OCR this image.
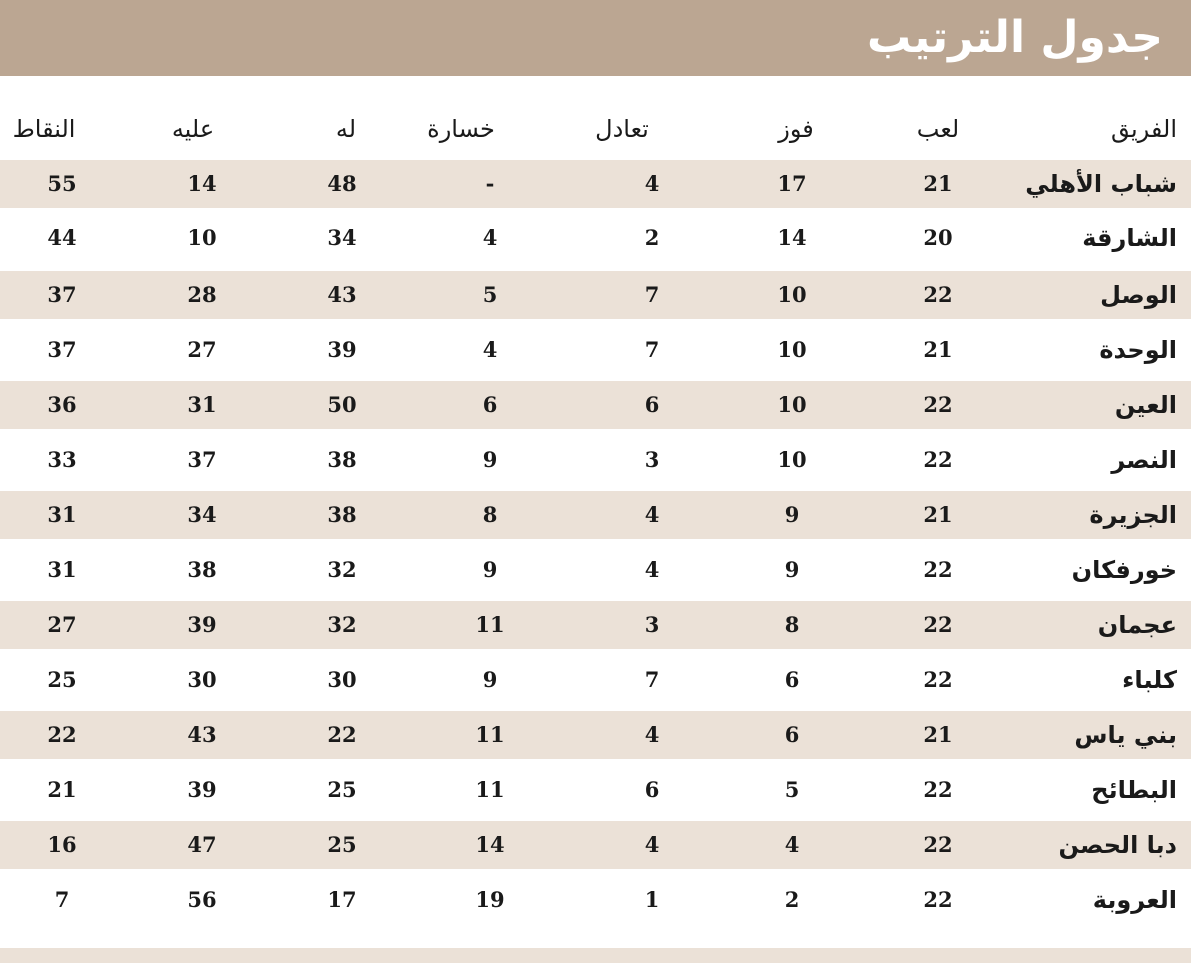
جدول الترتيب
الفريق
لعب
فوز
تعادل
خسارة
له
عليه
النقاط
شباب الأهلي
21
17
4
-
48
14
55
الشارقة
20
14
2
4
34
10
44
الوصل
22
10
7
5
43
28
37
الوحدة
21
10
7
4
39
27
37
العين
22
10
6
6
50
31
36
النصر
22
10
3
9
38
37
33
الجزيرة
21
9
4
8
38
34
31
خورفكان
22
9
4
9
32
38
31
عجمان
22
8
3
11
32
39
27
كلباء
22
6
7
9
30
30
25
بني ياس
21
6
4
11
22
43
22
البطائح
22
5
6
11
25
39
21
دبا الحصن
22
4
4
14
25
47
16
العروبة
22
2
1
19
17
56
7
